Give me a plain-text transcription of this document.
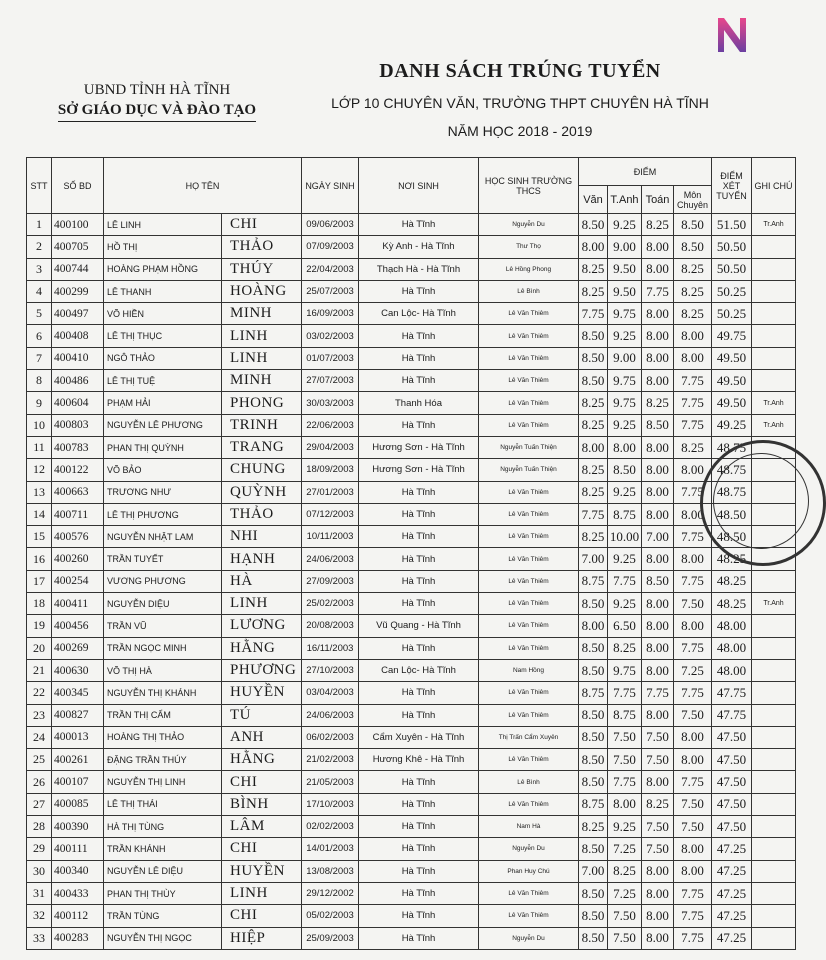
UBND TỈNH HÀ TĨNH
SỞ GIÁO DỤC VÀ ĐÀO TẠO
DANH SÁCH TRÚNG TUYỂN
LỚP 10 CHUYÊN VĂN, TRƯỜNG THPT CHUYÊN HÀ TĨNH
NĂM HỌC 2018 - 2019
STT	SỐ BD	HỌ TÊN		NGÀY SINH	NƠI SINH	HỌC SINH TRƯỜNG THCS	ĐIỂM				ĐIỂM XÉT TUYỂN	GHI CHÚ
							Văn	T.Anh	Toán	Môn Chuyên		
1	400100	LÊ LINH	CHI	09/06/2003	Hà Tĩnh	Nguyễn Du	8.50	9.25	8.25	8.50	51.50	Tr.Anh
2	400705	HỒ THỊ	THẢO	07/09/2003	Kỳ Anh - Hà Tĩnh	Thư Thọ	8.00	9.00	8.00	8.50	50.50	
3	400744	HOÀNG PHẠM HỒNG	THÚY	22/04/2003	Thạch Hà - Hà Tĩnh	Lê Hồng Phong	8.25	9.50	8.00	8.25	50.50	
4	400299	LÊ THANH	HOÀNG	25/07/2003	Hà Tĩnh	Lê Bình	8.25	9.50	7.75	8.25	50.25	
5	400497	VÕ HIỀN	MINH	16/09/2003	Can Lộc- Hà Tĩnh	Lê Văn Thiêm	7.75	9.75	8.00	8.25	50.25	
6	400408	LÊ THỊ THỤC	LINH	03/02/2003	Hà Tĩnh	Lê Văn Thiêm	8.50	9.25	8.00	8.00	49.75	
7	400410	NGÔ THẢO	LINH	01/07/2003	Hà Tĩnh	Lê Văn Thiêm	8.50	9.00	8.00	8.00	49.50	
8	400486	LÊ THỊ TUỆ	MINH	27/07/2003	Hà Tĩnh	Lê Văn Thiêm	8.50	9.75	8.00	7.75	49.50	
9	400604	PHẠM HẢI	PHONG	30/03/2003	Thanh Hóa	Lê Văn Thiêm	8.25	9.75	8.25	7.75	49.50	Tr.Anh
10	400803	NGUYỄN LÊ PHƯƠNG	TRINH	22/06/2003	Hà Tĩnh	Lê Văn Thiêm	8.25	9.25	8.50	7.75	49.25	Tr.Anh
11	400783	PHAN THỊ QUỲNH	TRANG	29/04/2003	Hương Sơn - Hà Tĩnh	Nguyễn Tuấn Thiện	8.00	8.00	8.00	8.25	48.75	
12	400122	VÕ BẢO	CHUNG	18/09/2003	Hương Sơn - Hà Tĩnh	Nguyễn Tuấn Thiện	8.25	8.50	8.00	8.00	48.75	
13	400663	TRƯƠNG NHƯ	QUỲNH	27/01/2003	Hà Tĩnh	Lê Văn Thiêm	8.25	9.25	8.00	7.75	48.75	
14	400711	LÊ THỊ PHƯƠNG	THẢO	07/12/2003	Hà Tĩnh	Lê Văn Thiêm	7.75	8.75	8.00	8.00	48.50	
15	400576	NGUYỄN NHẬT LAM	NHI	10/11/2003	Hà Tĩnh	Lê Văn Thiêm	8.25	10.00	7.00	7.75	48.50	
16	400260	TRẦN TUYẾT	HẠNH	24/06/2003	Hà Tĩnh	Lê Văn Thiêm	7.00	9.25	8.00	8.00	48.25	
17	400254	VƯƠNG PHƯƠNG	HÀ	27/09/2003	Hà Tĩnh	Lê Văn Thiêm	8.75	7.75	8.50	7.75	48.25	
18	400411	NGUYỄN DIỆU	LINH	25/02/2003	Hà Tĩnh	Lê Văn Thiêm	8.50	9.25	8.00	7.50	48.25	Tr.Anh
19	400456	TRẦN VŨ	LƯƠNG	20/08/2003	Vũ Quang - Hà Tĩnh	Lê Văn Thiêm	8.00	6.50	8.00	8.00	48.00	
20	400269	TRẦN NGỌC MINH	HẰNG	16/11/2003	Hà Tĩnh	Lê Văn Thiêm	8.50	8.25	8.00	7.75	48.00	
21	400630	VÕ THỊ HÀ	PHƯƠNG	27/10/2003	Can Lộc- Hà Tĩnh	Nam Hồng	8.50	9.75	8.00	7.25	48.00	
22	400345	NGUYỄN THỊ KHÁNH	HUYỀN	03/04/2003	Hà Tĩnh	Lê Văn Thiêm	8.75	7.75	7.75	7.75	47.75	
23	400827	TRẦN THỊ CẨM	TÚ	24/06/2003	Hà Tĩnh	Lê Văn Thiêm	8.50	8.75	8.00	7.50	47.75	
24	400013	HOÀNG THỊ THẢO	ANH	06/02/2003	Cẩm Xuyên - Hà Tĩnh	Thị Trấn Cẩm Xuyên	8.50	7.50	7.50	8.00	47.50	
25	400261	ĐẶNG TRẦN THÚY	HẰNG	21/02/2003	Hương Khê - Hà Tĩnh	Lê Văn Thiêm	8.50	7.50	7.50	8.00	47.50	
26	400107	NGUYỄN THỊ LINH	CHI	21/05/2003	Hà Tĩnh	Lê Bình	8.50	7.75	8.00	7.75	47.50	
27	400085	LÊ THỊ THÁI	BÌNH	17/10/2003	Hà Tĩnh	Lê Văn Thiêm	8.75	8.00	8.25	7.50	47.50	
28	400390	HÀ THỊ TÙNG	LÂM	02/02/2003	Hà Tĩnh	Nam Hà	8.25	9.25	7.50	7.50	47.50	
29	400111	TRẦN KHÁNH	CHI	14/01/2003	Hà Tĩnh	Nguyễn Du	8.50	7.25	7.50	8.00	47.25	
30	400340	NGUYỄN LÊ DIỆU	HUYỀN	13/08/2003	Hà Tĩnh	Phan Huy Chú	7.00	8.25	8.00	8.00	47.25	
31	400433	PHAN THỊ THÙY	LINH	29/12/2002	Hà Tĩnh	Lê Văn Thiêm	8.50	7.25	8.00	7.75	47.25	
32	400112	TRẦN TÙNG	CHI	05/02/2003	Hà Tĩnh	Lê Văn Thiêm	8.50	7.50	8.00	7.75	47.25	
33	400283	NGUYỄN THỊ NGỌC	HIỆP	25/09/2003	Hà Tĩnh	Nguyễn Du	8.50	7.50	8.00	7.75	47.25	
